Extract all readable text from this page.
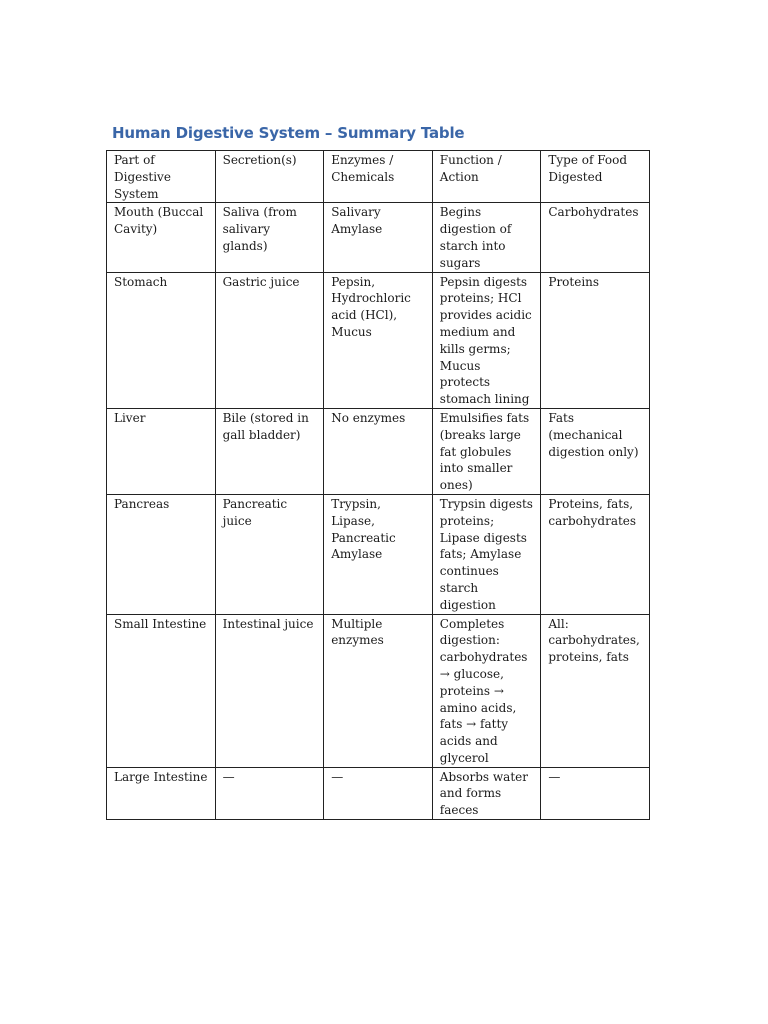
Human Digestive System – Summary Table
Part of Digestive System	Secretion(s)	Enzymes / Chemicals	Function / Action	Type of Food Digested
Mouth (Buccal Cavity)	Saliva (from salivary glands)	Salivary Amylase	Begins digestion of starch into sugars	Carbohydrates
Stomach	Gastric juice	Pepsin, Hydrochloric acid (HCl), Mucus	Pepsin digests proteins; HCl provides acidic medium and kills germs; Mucus protects stomach lining	Proteins
Liver	Bile (stored in gall bladder)	No enzymes	Emulsifies fats (breaks large fat globules into smaller ones)	Fats (mechanical digestion only)
Pancreas	Pancreatic juice	Trypsin, Lipase, Pancreatic Amylase	Trypsin digests proteins; Lipase digests fats; Amylase continues starch digestion	Proteins, fats, carbohydrates
Small Intestine	Intestinal juice	Multiple enzymes	Completes digestion: carbohydrates → glucose, proteins → amino acids, fats → fatty acids and glycerol	All: carbohydrates, proteins, fats
Large Intestine	—	—	Absorbs water and forms faeces	—
